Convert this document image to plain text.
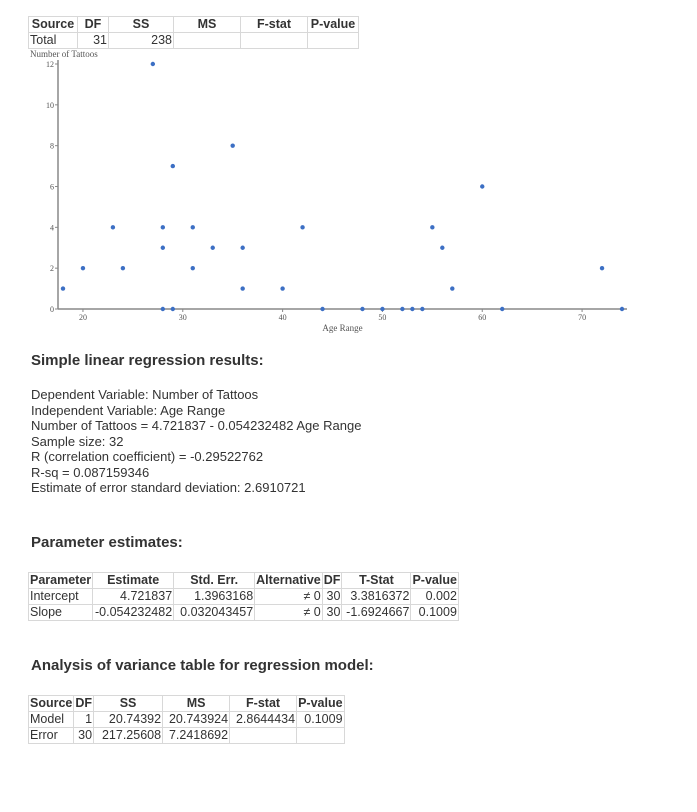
Source	DF	SS	MS	F-stat	P-value
Total	31	238			
Number of Tattoos
Age Range
0
2
4
6
8
10
12
20	30	40	50	60	70
Simple linear regression results:
Dependent Variable: Number of Tattoos
Independent Variable: Age Range
Number of Tattoos = 4.721837 - 0.054232482 Age Range
Sample size: 32
R (correlation coefficient) = -0.29522762
R-sq = 0.087159346
Estimate of error standard deviation: 2.6910721
Parameter estimates:
Parameter	Estimate	Std. Err.	Alternative	DF	T-Stat	P-value
Intercept	4.721837	1.3963168	≠ 0	30	3.3816372	0.002
Slope	-0.054232482	0.032043457	≠ 0	30	-1.6924667	0.1009
Analysis of variance table for regression model:
Source	DF	SS	MS	F-stat	P-value
Model	1	20.74392	20.743924	2.8644434	0.1009
Error	30	217.25608	7.2418692		
